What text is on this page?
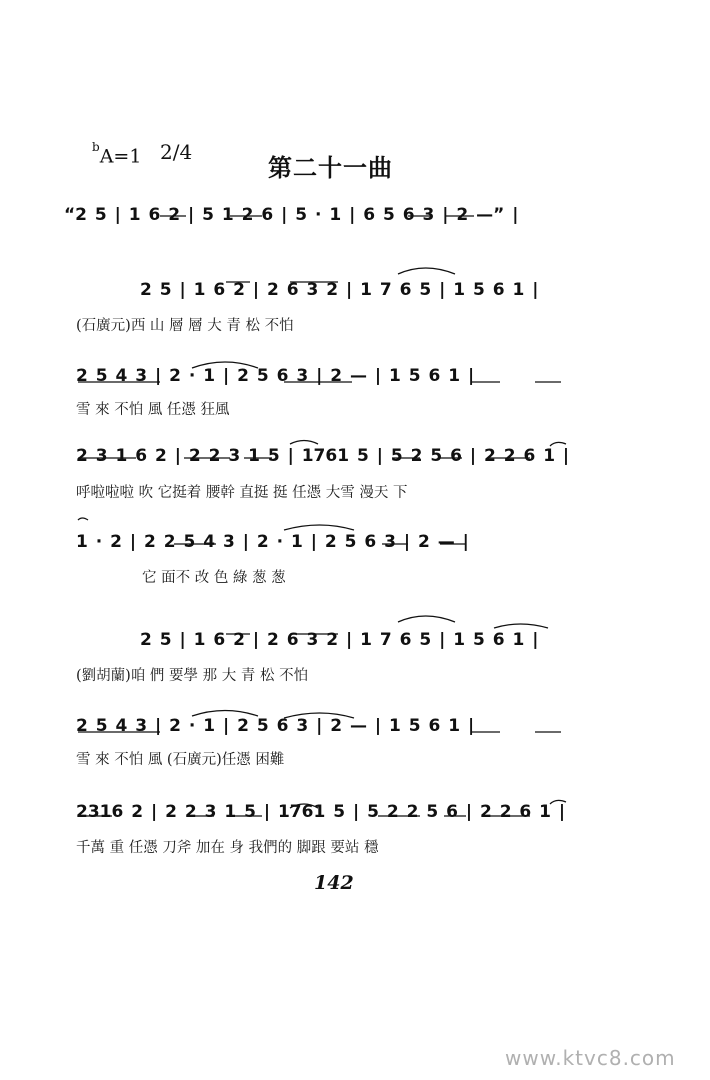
$^b$A=1 2/4
第二十一曲
“2 5 | 1 6 2 | 5 1 2 6 | 5 · 1 | 6 5 6 3 | 2 —” |
2 5 | 1 6 2 | 2 6 3 2 | 1 7 6 5 | 1 5 6 1 |
(石廣元)西 山 層 層 大 青 松 不怕
2 5 4 3 | 2 · 1 | 2 5 6 3 | 2 — | 1 5 6 1 |
雪 來 不怕 風 任憑 狂風
2 3 1 6 2 | 2 2 3 1 5 | 1761 5 | 5 2 5 6 | 2 2 6 1 |
呼啦啦啦 吹 它挺着 腰幹 直挺 挺 任憑 大雪 漫天 下
1 · 2 | 2 2 5 4 3 | 2 · 1 | 2 5 6 3 | 2 — |
它 面不 改 色 綠 葱 葱
2 5 | 1 6 2 | 2 6 3 2 | 1 7 6 5 | 1 5 6 1 |
(劉胡蘭)咱 們 要學 那 大 青 松 不怕
2 5 4 3 | 2 · 1 | 2 5 6 3 | 2 — | 1 5 6 1 |
雪 來 不怕 風 (石廣元)任憑 困難
2316 2 | 2 2 3 1 5 | 1761 5 | 5 2 2 5 6 | 2 2 6 1 |
千萬 重 任憑 刀斧 加在 身 我們的 脚跟 要站 穩
142
www.ktvc8.com
